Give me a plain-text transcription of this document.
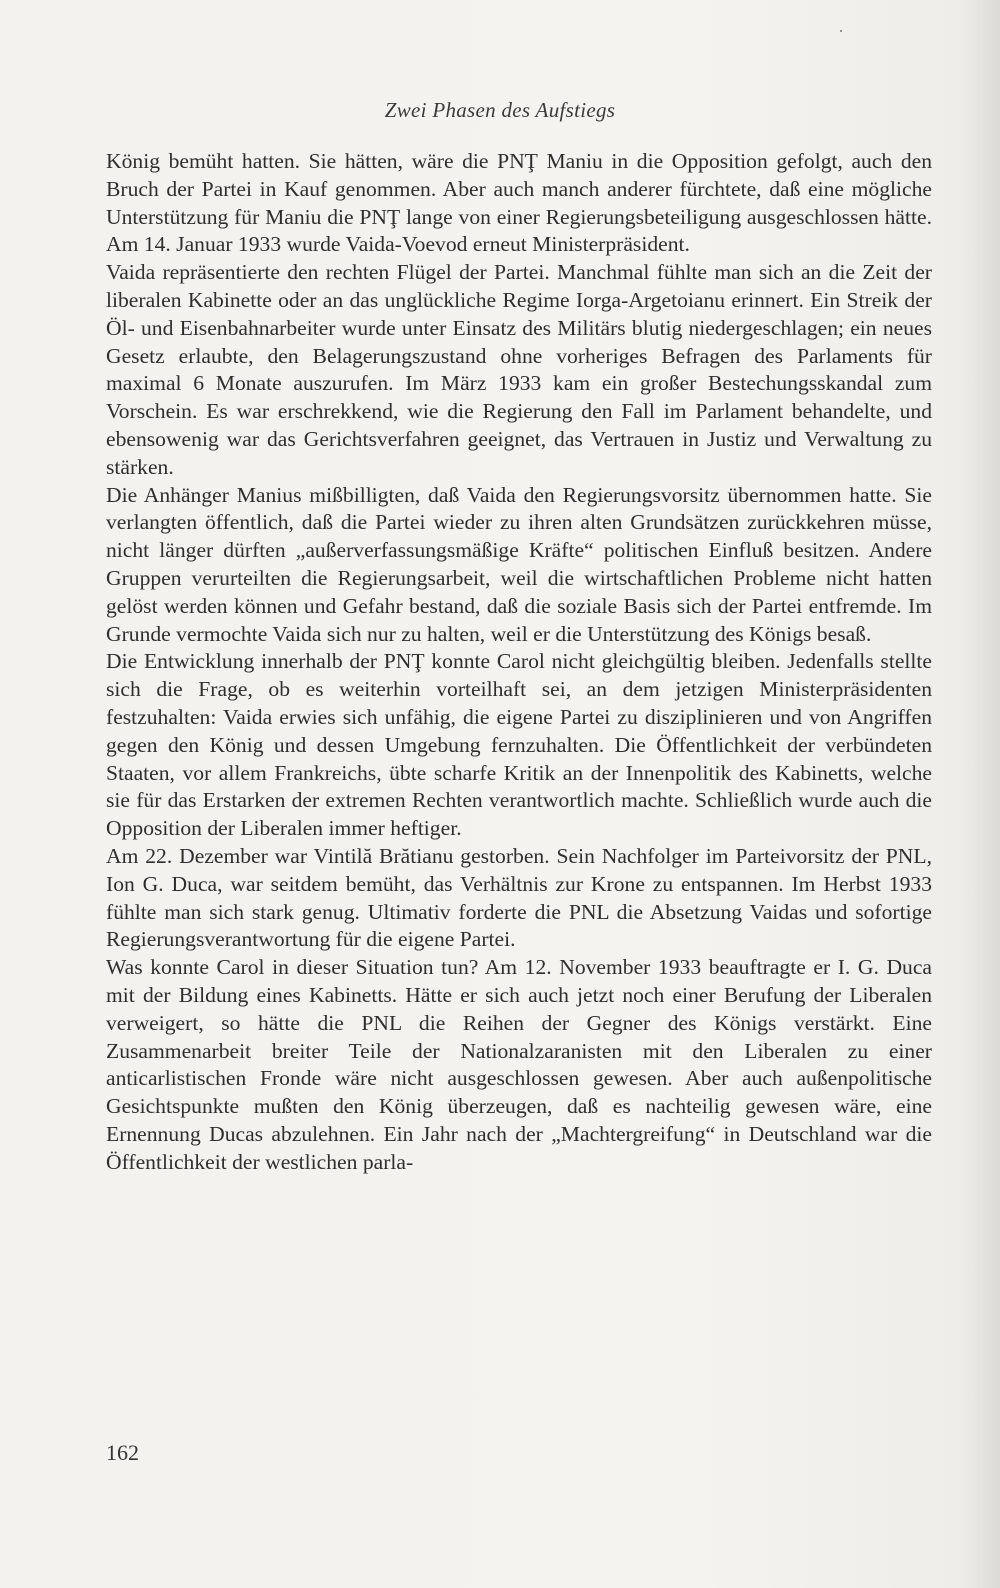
Zwei Phasen des Aufstiegs

König bemüht hatten. Sie hätten, wäre die PNŢ Maniu in die Opposition gefolgt, auch den Bruch der Partei in Kauf genommen. Aber auch manch anderer fürchtete, daß eine mögliche Unterstützung für Maniu die PNŢ lange von einer Regierungsbeteiligung ausgeschlossen hätte. Am 14. Januar 1933 wurde Vaida-Voevod erneut Ministerpräsident.

Vaida repräsentierte den rechten Flügel der Partei. Manchmal fühlte man sich an die Zeit der liberalen Kabinette oder an das unglückliche Regime Iorga-Argetoianu erinnert. Ein Streik der Öl- und Eisenbahnarbeiter wurde unter Einsatz des Militärs blutig niedergeschlagen; ein neues Gesetz erlaubte, den Belagerungszustand ohne vorheriges Befragen des Parlaments für maximal 6 Monate auszurufen. Im März 1933 kam ein großer Bestechungsskandal zum Vorschein. Es war erschrekkend, wie die Regierung den Fall im Parlament behandelte, und ebensowenig war das Gerichtsverfahren geeignet, das Vertrauen in Justiz und Verwaltung zu stärken.

Die Anhänger Manius mißbilligten, daß Vaida den Regierungsvorsitz übernommen hatte. Sie verlangten öffentlich, daß die Partei wieder zu ihren alten Grundsätzen zurückkehren müsse, nicht länger dürften „außerverfassungsmäßige Kräfte“ politischen Einfluß besitzen. Andere Gruppen verurteilten die Regierungsarbeit, weil die wirtschaftlichen Probleme nicht hatten gelöst werden können und Gefahr bestand, daß die soziale Basis sich der Partei entfremde. Im Grunde vermochte Vaida sich nur zu halten, weil er die Unterstützung des Königs besaß.

Die Entwicklung innerhalb der PNŢ konnte Carol nicht gleichgültig bleiben. Jedenfalls stellte sich die Frage, ob es weiterhin vorteilhaft sei, an dem jetzigen Ministerpräsidenten festzuhalten: Vaida erwies sich unfähig, die eigene Partei zu disziplinieren und von Angriffen gegen den König und dessen Umgebung fernzuhalten. Die Öffentlichkeit der verbündeten Staaten, vor allem Frankreichs, übte scharfe Kritik an der Innenpolitik des Kabinetts, welche sie für das Erstarken der extremen Rechten verantwortlich machte. Schließlich wurde auch die Opposition der Liberalen immer heftiger.

Am 22. Dezember war Vintilă Brătianu gestorben. Sein Nachfolger im Parteivorsitz der PNL, Ion G. Duca, war seitdem bemüht, das Verhältnis zur Krone zu entspannen. Im Herbst 1933 fühlte man sich stark genug. Ultimativ forderte die PNL die Absetzung Vaidas und sofortige Regierungsverantwortung für die eigene Partei.

Was konnte Carol in dieser Situation tun? Am 12. November 1933 beauftragte er I. G. Duca mit der Bildung eines Kabinetts. Hätte er sich auch jetzt noch einer Berufung der Liberalen verweigert, so hätte die PNL die Reihen der Gegner des Königs verstärkt. Eine Zusammenarbeit breiter Teile der Nationalzaranisten mit den Liberalen zu einer anticarlistischen Fronde wäre nicht ausgeschlossen gewesen. Aber auch außenpolitische Gesichtspunkte mußten den König überzeugen, daß es nachteilig gewesen wäre, eine Ernennung Ducas abzulehnen. Ein Jahr nach der „Machtergreifung“ in Deutschland war die Öffentlichkeit der westlichen parla-

162
